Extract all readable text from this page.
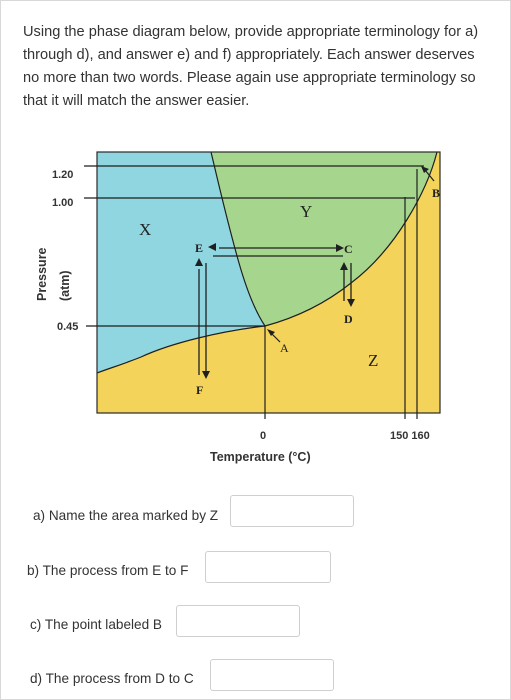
Using the phase diagram below, provide appropriate terminology for a) through d), and answer e) and f) appropriately. Each answer deserves no more than two words. Please again use appropriate terminology so that it will match the answer easier.
1.20
1.00
0.45
Pressure (atm)
0	150 160
Temperature (°C)
X
Y
Z
A
B
C
D
E
F
a) Name the area marked by Z
b) The process from E to F
c) The point labeled B
d) The process from D to C
